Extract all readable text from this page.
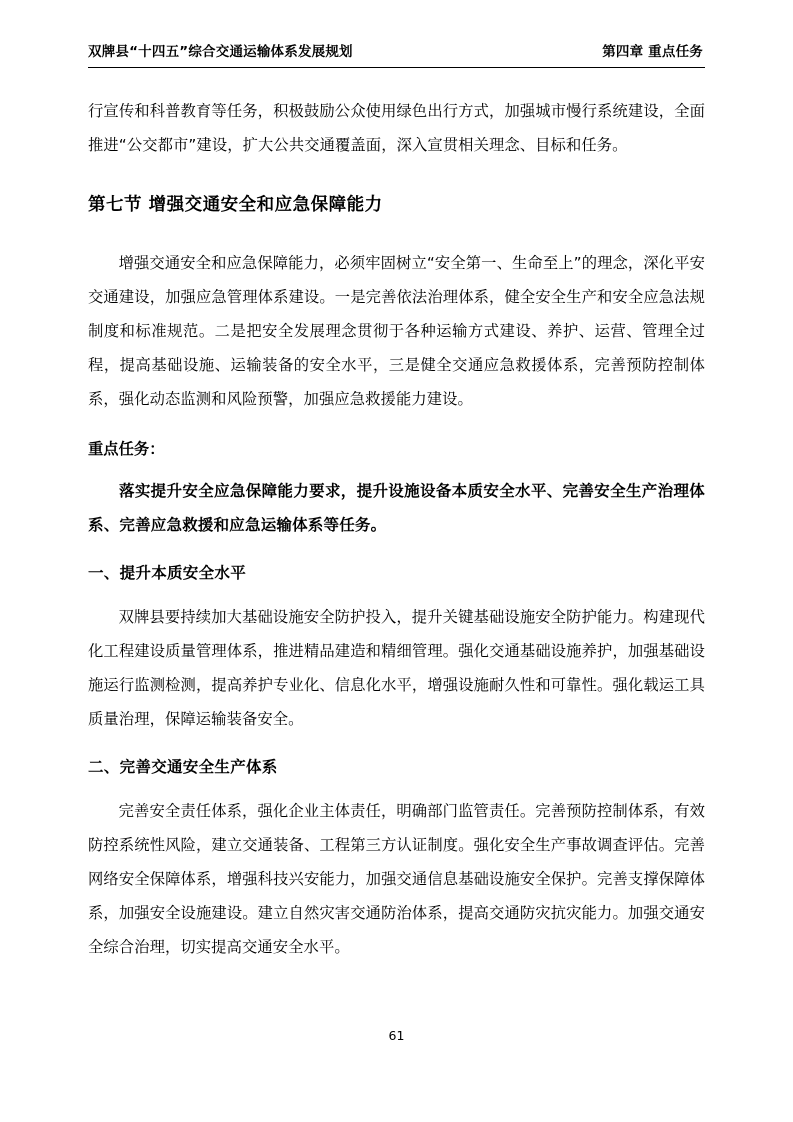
双牌县“十四五”综合交通运输体系发展规划	第四章 重点任务

行宣传和科普教育等任务，积极鼓励公众使用绿色出行方式，加强城市慢行系统建设，全面推进“公交都市”建设，扩大公共交通覆盖面，深入宣贯相关理念、目标和任务。

第七节 增强交通安全和应急保障能力

增强交通安全和应急保障能力，必须牢固树立“安全第一、生命至上”的理念，深化平安交通建设，加强应急管理体系建设。一是完善依法治理体系，健全安全生产和安全应急法规制度和标准规范。二是把安全发展理念贯彻于各种运输方式建设、养护、运营、管理全过程，提高基础设施、运输装备的安全水平，三是健全交通应急救援体系，完善预防控制体系，强化动态监测和风险预警，加强应急救援能力建设。

重点任务：

落实提升安全应急保障能力要求，提升设施设备本质安全水平、完善安全生产治理体系、完善应急救援和应急运输体系等任务。

一、提升本质安全水平

双牌县要持续加大基础设施安全防护投入，提升关键基础设施安全防护能力。构建现代化工程建设质量管理体系，推进精品建造和精细管理。强化交通基础设施养护，加强基础设施运行监测检测，提高养护专业化、信息化水平，增强设施耐久性和可靠性。强化载运工具质量治理，保障运输装备安全。

二、完善交通安全生产体系

完善安全责任体系，强化企业主体责任，明确部门监管责任。完善预防控制体系，有效防控系统性风险，建立交通装备、工程第三方认证制度。强化安全生产事故调查评估。完善网络安全保障体系，增强科技兴安能力，加强交通信息基础设施安全保护。完善支撑保障体系，加强安全设施建设。建立自然灾害交通防治体系，提高交通防灾抗灾能力。加强交通安全综合治理，切实提高交通安全水平。

61
